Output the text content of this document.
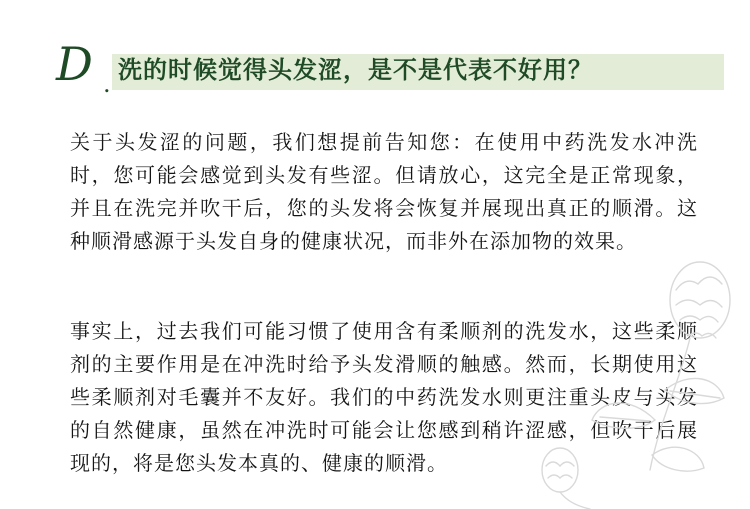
D . 洗的时候觉得头发涩，是不是代表不好用？

关于头发涩的问题，我们想提前告知您：在使用中药洗发水冲洗时，您可能会感觉到头发有些涩。但请放心，这完全是正常现象，并且在洗完并吹干后，您的头发将会恢复并展现出真正的顺滑。这种顺滑感源于头发自身的健康状况，而非外在添加物的效果。

事实上，过去我们可能习惯了使用含有柔顺剂的洗发水，这些柔顺剂的主要作用是在冲洗时给予头发滑顺的触感。然而，长期使用这些柔顺剂对毛囊并不友好。我们的中药洗发水则更注重头皮与头发的自然健康，虽然在冲洗时可能会让您感到稍许涩感，但吹干后展现的，将是您头发本真的、健康的顺滑。
